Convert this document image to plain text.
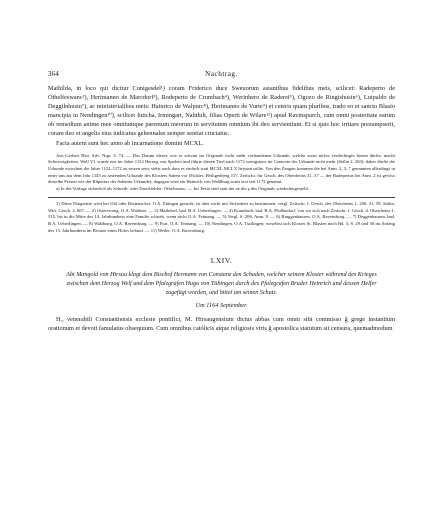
364	Nachtrag.

Mathilda, in loco qui dicitur Cunigesdel¹) coram Friderico duce Sweuorum astantibus fidelibus meis, scilicet: Radeperto de Othelfeswanc²), Herimanno de Marcdorf³), Rodeperto de Crumbach⁴), Werinhero de Raderei⁵), Ogozo de Ringishusin⁶), Luipaldo de Deggilnhusin⁷), ac ministerialibus meis: Hainrico de Walpurc⁸), Herimanno de Vurte⁹) et ceteris quam pluribus, trado eo et sancto Blasio mancipia in Nendingen¹⁰), scilicet Iuticha, Irmingart, Nahthilt, filias Operti de Wilare¹¹) apud Ravinspurch, cum omni posteritate earum ob remedium anime mee omniumque parentum meorum in servitutem omnium ibi deo servientium. Et si quis hoc irritare presumpserit, coram deo et angelis eius iudicatus gehennales semper sentiat cruciatus.

Facta autem sunt hec anno ab incarnatione domini MCXL.

Aus Gerbert Hist. Silv. Nigr. 3, 74. — Das Datum dieser, wie es scheint im Originale nicht mehr vorhandenen Urkunde, welche sonst nichts verdächtiges bieten dürfte, macht Schwierigkeiten. Welf VI. wurde erst im Jahre 1152 Herzog von Spoleto und führte diesen Titel nach 1172 wenigstens im Contexte der Urkunde nicht mehr (Stälin 2, 263); daher dürfte die Urkunde zwischen die Jahre 1152–1172 zu setzen sein; siehe auch dass es einfach statt MCXL MCLX heissen sollte. Von den Zeugen kommen die bei Anm. 2, 3, 7 genannten allerdings in einer uns aus dem Jahr 1145 zu setzenden Urkunde des Klosters Salem vor (Fickler, Heiligenberg 157, Zeitschr. für Gesch. des Oberrheins 31, 37 — der Radepertus bei Anm. 2 ist gewiss dieselbe Person wie der Rûpertus der Salemer Urkunde); dagegen wird ein Heinrich von Waldburg sonst erst seit 1172 genannt.

a) In der Vorlage sicherlich als Schreib- oder Druckfehler: Othelswanc. — Im Texte sind statt der ae die ę des Originals wiederhergestellt.

1) Diese Dingstätte wird bei Uhl oder Rottenacker, O.A. Ehingen gesucht, ist aber nicht mit Sicherheit zu bestimmen; vergl. Zeitschr. f. Gesch. des Oberrheins 1, 206. 31, 58. Stälin, Wirt. Gesch. 2, 667. — 2) Osterswang, O.A. Waldsee. — 3) Markdorf, bad. B.A. Ueberlingen. — 4) Krumbach, bad. B.A. Pfullendorf, von wo sich nach Zeitschr. f. Gesch. d. Oberrheins 1, 315, bis in die Mitte des 14. Jahrhunderts eine Familie schrieb, wenn nicht O.A. Tettnang. — 5) Vergl. S. 206, Anm. 8. — 6) Ringgenhausen, O.A. Ravensburg. — 7) Deggenhausen, bad. B.A. Ueberlingen. — 8) Waldburg, O.A. Ravensburg. — 9) Furt, O.A. Tettnang. — 10) Nendingen, O.A. Tuttlingen, woselbst sich Kloster St. Blasien nach Bd. 3, S. 29 und 30 im Anfang des 13. Jahrhunderts im Besitze eines Hofes befand. — 11) Weiler, O.A. Ravensburg.

LXIV.
Abt Mangold von Hirsau klagt dem Bischof Hermann von Constanz den Schaden, welcher seinem Kloster während des Krieges zwischen dem Herzog Welf und dem Pfalzgrafen Hugo von Tübingen durch des Pfalzgrafen Bruder Heinrich und dessen Helfer zugefügt worden, und bittet um seinen Schutz.
Um 1164 September.

H., venerabili Constantiensis ecclesie pontifici, M. Hirsaugensium dictus abbas cum omni sibi commisso ǧ grege instantium orationum et devoti famulatus obsequium. Cum omnibus católicis atque religiosis viris ǧ apostolica statutum sit censura, quemadmodum
